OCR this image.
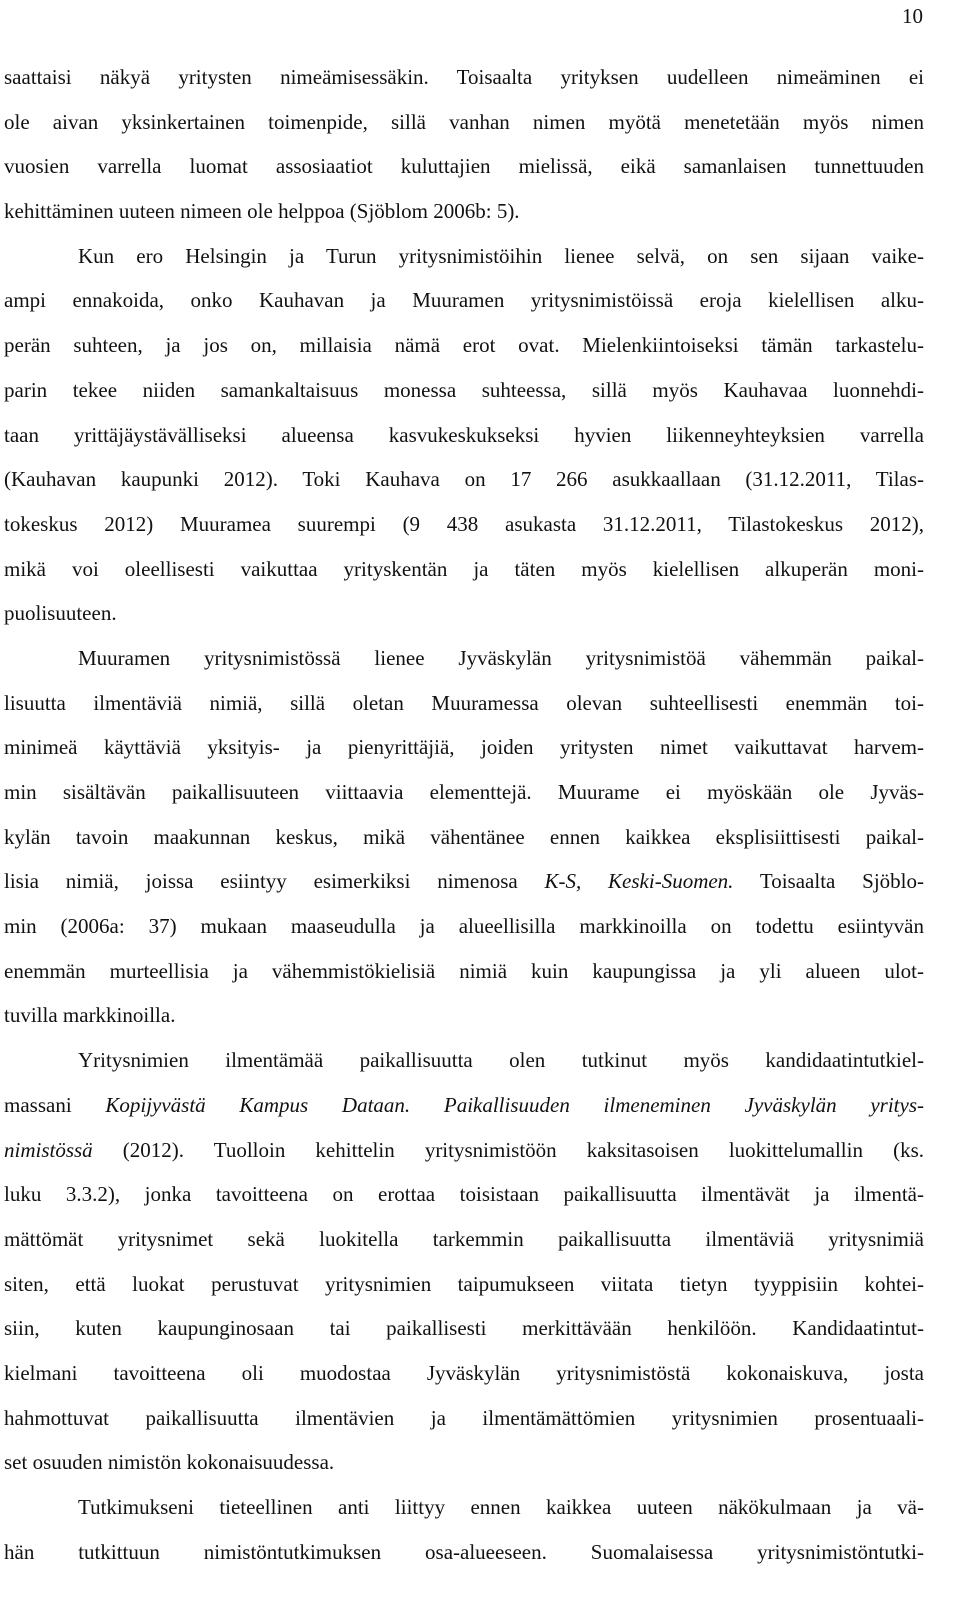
10
saattaisi näkyä yritysten nimeämisessäkin. Toisaalta yrityksen uudelleen nimeäminen ei
ole aivan yksinkertainen toimenpide, sillä vanhan nimen myötä menetetään myös nimen
vuosien varrella luomat assosiaatiot kuluttajien mielissä, eikä samanlaisen tunnettuuden
kehittäminen uuteen nimeen ole helppoa (Sjöblom 2006b: 5).
Kun ero Helsingin ja Turun yritysnimistöihin lienee selvä, on sen sijaan vaike-
ampi ennakoida, onko Kauhavan ja Muuramen yritysnimistöissä eroja kielellisen alku-
perän suhteen, ja jos on, millaisia nämä erot ovat. Mielenkiintoiseksi tämän tarkastelu-
parin tekee niiden samankaltaisuus monessa suhteessa, sillä myös Kauhavaa luonnehdi-
taan yrittäjäystävälliseksi alueensa kasvukeskukseksi hyvien liikenneyhteyksien varrella
(Kauhavan kaupunki 2012). Toki Kauhava on 17 266 asukkaallaan (31.12.2011, Tilas-
tokeskus 2012) Muuramea suurempi (9 438 asukasta 31.12.2011, Tilastokeskus 2012),
mikä voi oleellisesti vaikuttaa yrityskentän ja täten myös kielellisen alkuperän moni-
puolisuuteen.
Muuramen yritysnimistössä lienee Jyväskylän yritysnimistöä vähemmän paikal-
lisuutta ilmentäviä nimiä, sillä oletan Muuramessa olevan suhteellisesti enemmän toi-
minimeä käyttäviä yksityis- ja pienyrittäjiä, joiden yritysten nimet vaikuttavat harvem-
min sisältävän paikallisuuteen viittaavia elementtejä. Muurame ei myöskään ole Jyväs-
kylän tavoin maakunnan keskus, mikä vähentänee ennen kaikkea eksplisiittisesti paikal-
lisia nimiä, joissa esiintyy esimerkiksi nimenosa K-S, Keski-Suomen. Toisaalta Sjöblo-
min (2006a: 37) mukaan maaseudulla ja alueellisilla markkinoilla on todettu esiintyvän
enemmän murteellisia ja vähemmistökielisiä nimiä kuin kaupungissa ja yli alueen ulot-
tuvilla markkinoilla.
Yritysnimien ilmentämää paikallisuutta olen tutkinut myös kandidaatintutkiel-
massani Kopijyvästä Kampus Dataan. Paikallisuuden ilmeneminen Jyväskylän yritys-
nimistössä (2012). Tuolloin kehittelin yritysnimistöön kaksitasoisen luokittelumallin (ks.
luku 3.3.2), jonka tavoitteena on erottaa toisistaan paikallisuutta ilmentävät ja ilmentä-
mättömät yritysnimet sekä luokitella tarkemmin paikallisuutta ilmentäviä yritysnimiä
siten, että luokat perustuvat yritysnimien taipumukseen viitata tietyn tyyppisiin kohtei-
siin, kuten kaupunginosaan tai paikallisesti merkittävään henkilöön. Kandidaatintut-
kielmani tavoitteena oli muodostaa Jyväskylän yritysnimistöstä kokonaiskuva, josta
hahmottuvat paikallisuutta ilmentävien ja ilmentämättömien yritysnimien prosentuaali-
set osuuden nimistön kokonaisuudessa.
Tutkimukseni tieteellinen anti liittyy ennen kaikkea uuteen näkökulmaan ja vä-
hän tutkittuun nimistöntutkimuksen osa-alueeseen. Suomalaisessa yritysnimistöntutki-
